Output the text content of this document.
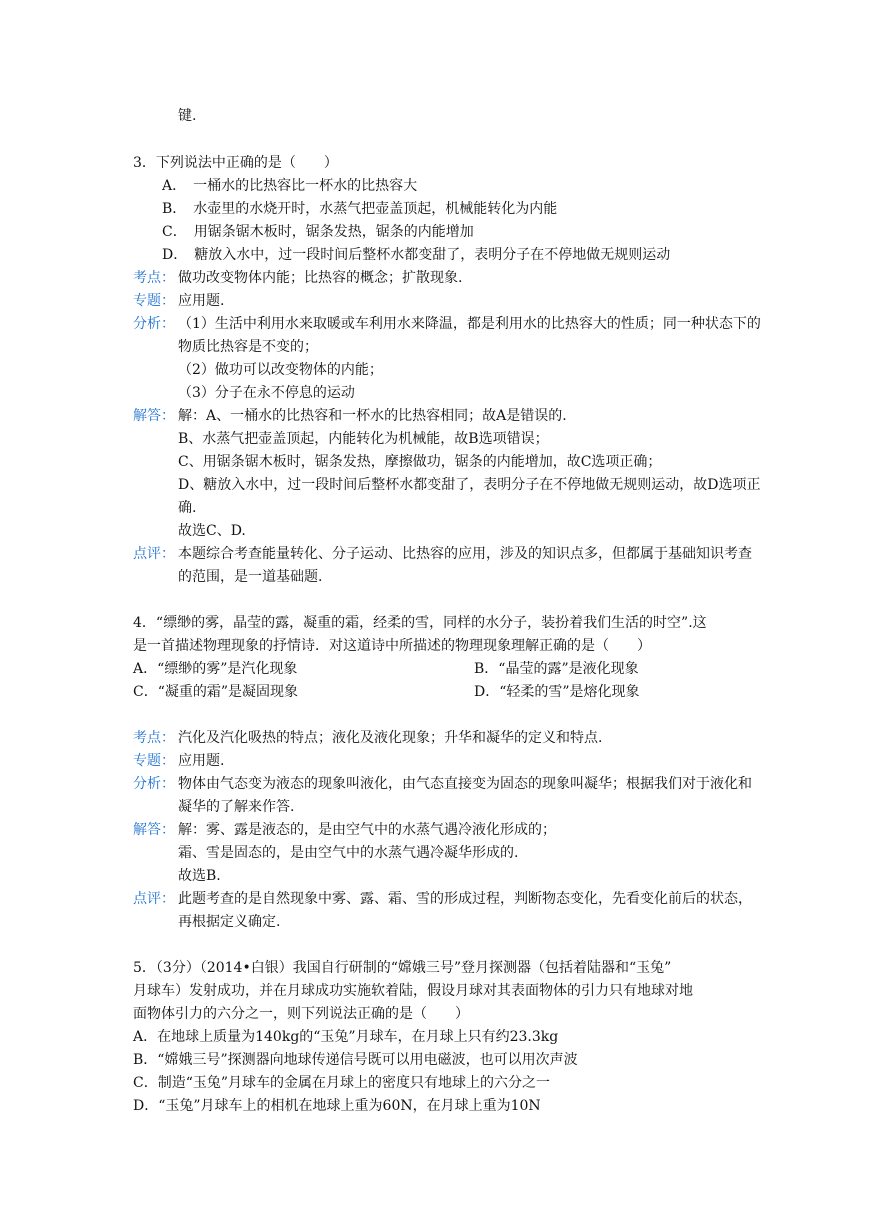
键.
3．下列说法中正确的是（　　）
A．　一桶水的比热容比一杯水的比热容大
B．　水壶里的水烧开时，水蒸气把壶盖顶起，机械能转化为内能
C．　用锯条锯木板时，锯条发热，锯条的内能增加
D．　糖放入水中，过一段时间后整杯水都变甜了，表明分子在不停地做无规则运动
考点： 做功改变物体内能；比热容的概念；扩散现象.
专题： 应用题.
分析： （1）生活中利用水来取暖或车利用水来降温，都是利用水的比热容大的性质；同一种状态下的
物质比热容是不变的；
（2）做功可以改变物体的内能；
（3）分子在永不停息的运动
解答： 解：A、一桶水的比热容和一杯水的比热容相同；故A是错误的.
B、水蒸气把壶盖顶起，内能转化为机械能，故B选项错误；
C、用锯条锯木板时，锯条发热，摩擦做功，锯条的内能增加，故C选项正确；
D、糖放入水中，过一段时间后整杯水都变甜了，表明分子在不停地做无规则运动，故D选项正
确.
故选C、D.
点评： 本题综合考查能量转化、分子运动、比热容的应用，涉及的知识点多，但都属于基础知识考查
的范围，是一道基础题.
4．“缥缈的雾，晶莹的露，凝重的霜，经柔的雪，同样的水分子，装扮着我们生活的时空”.这
是一首描述物理现象的抒情诗．对这道诗中所描述的物理现象理解正确的是（　　）
A．“缥缈的雾”是汽化现象	B．“晶莹的露”是液化现象
C．“凝重的霜”是凝固现象	D．“轻柔的雪”是熔化现象
考点： 汽化及汽化吸热的特点；液化及液化现象；升华和凝华的定义和特点.
专题： 应用题.
分析： 物体由气态变为液态的现象叫液化，由气态直接变为固态的现象叫凝华；根据我们对于液化和
凝华的了解来作答.
解答： 解：雾、露是液态的，是由空气中的水蒸气遇冷液化形成的；
霜、雪是固态的，是由空气中的水蒸气遇冷凝华形成的.
故选B.
点评： 此题考查的是自然现象中雾、露、霜、雪的形成过程，判断物态变化，先看变化前后的状态，
再根据定义确定.
5．（3分）（2014•白银）我国自行研制的“嫦娥三号”登月探测器（包括着陆器和“玉兔”
月球车）发射成功，并在月球成功实施软着陆，假设月球对其表面物体的引力只有地球对地
面物体引力的六分之一，则下列说法正确的是（　　）
A．在地球上质量为140kg的“玉兔”月球车，在月球上只有约23.3kg
B．“嫦娥三号”探测器向地球传递信号既可以用电磁波，也可以用次声波
C．制造“玉兔”月球车的金属在月球上的密度只有地球上的六分之一
D．“玉兔”月球车上的相机在地球上重为60N，在月球上重为10N
